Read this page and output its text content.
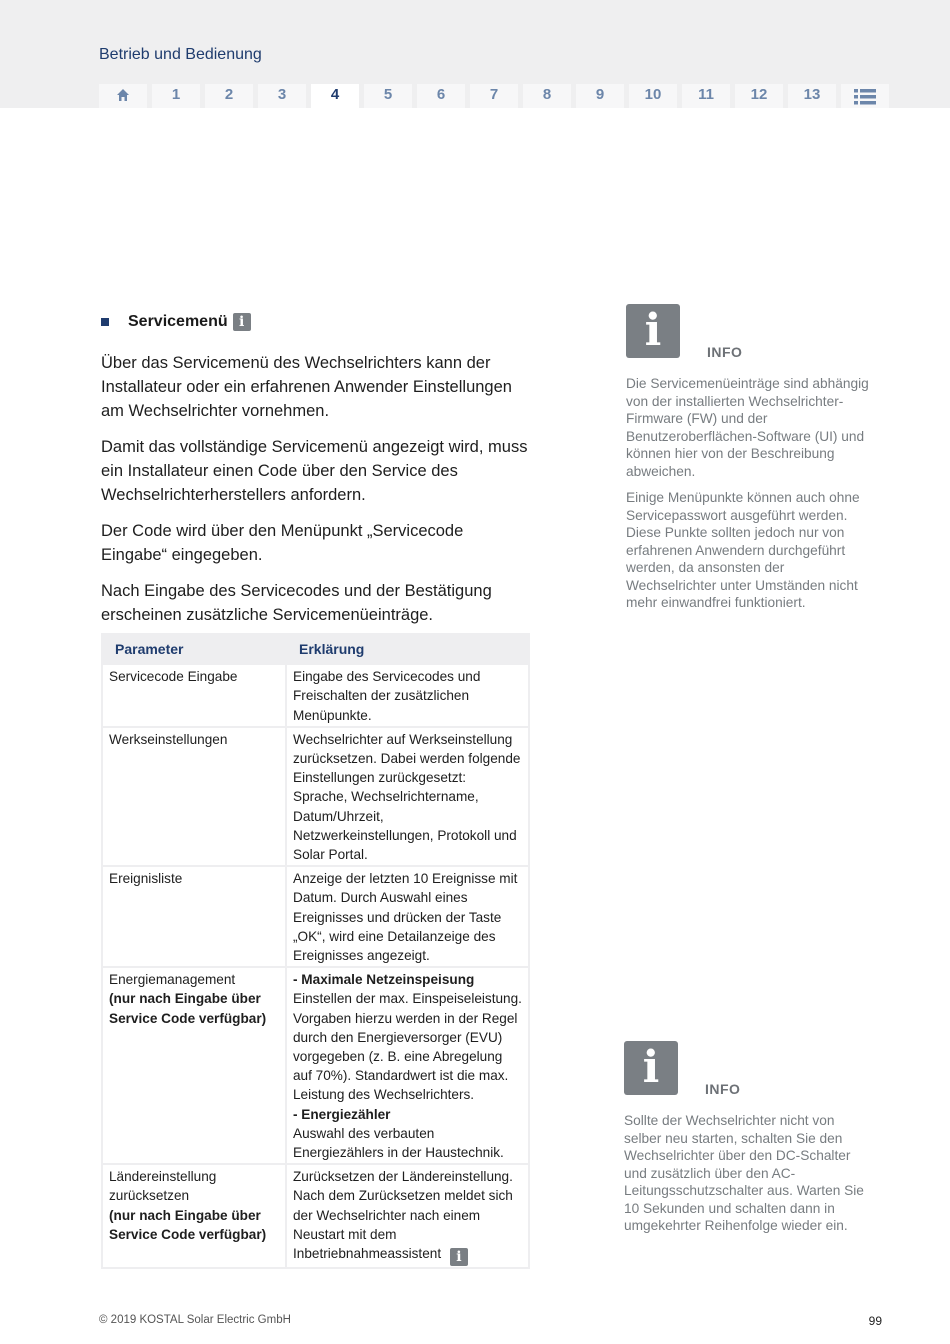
Betrieb und Bedienung
1	2	3	4	5	6	7	8	9	10	11	12	13
Servicemenü i

Über das Servicemenü des Wechselrichters kann der Installateur oder ein erfahrenen Anwender Einstellungen am Wechselrichter vornehmen.

Damit das vollständige Servicemenü angezeigt wird, muss ein Installateur einen Code über den Service des Wechselrichterherstellers anfordern.

Der Code wird über den Menüpunkt „Servicecode Eingabe“ eingegeben.

Nach Eingabe des Servicecodes und der Bestätigung erscheinen zusätzliche Servicemenüeinträge.

Parameter	Erklärung
Servicecode Eingabe	Eingabe des Servicecodes und Freischalten der zusätzlichen Menüpunkte.
Werkseinstellungen	Wechselrichter auf Werkseinstellung zurücksetzen. Dabei werden folgende Einstellungen zurückgesetzt: Sprache, Wechselrichtername, Datum/Uhrzeit, Netzwerkeinstellungen, Protokoll und Solar Portal.
Ereignisliste	Anzeige der letzten 10 Ereignisse mit Datum. Durch Auswahl eines Ereignisses und drücken der Taste „OK“, wird eine Detailanzeige des Ereignisses angezeigt.
Energiemanagement
(nur nach Eingabe über Service Code verfügbar)	- Maximale Netzeinspeisung
Einstellen der max. Einspeiseleistung. Vorgaben hierzu werden in der Regel durch den Energieversorger (EVU) vorgegeben (z. B. eine Abregelung auf 70%). Standardwert ist die max. Leistung des Wechselrichters.
- Energiezähler
Auswahl des verbauten Energiezählers in der Haustechnik.
Ländereinstellung zurücksetzen
(nur nach Eingabe über Service Code verfügbar)	Zurücksetzen der Ländereinstellung. Nach dem Zurücksetzen meldet sich der Wechselrichter nach einem Neustart mit dem Inbetriebnahmeassistent i
i	INFO

Die Servicemenüeinträge sind abhängig von der installierten Wechselrichter-Firmware (FW) und der Benutzeroberflächen-Software (UI) und können hier von der Beschreibung abweichen.

Einige Menüpunkte können auch ohne Servicepasswort ausgeführt werden. Diese Punkte sollten jedoch nur von erfahrenen Anwendern durchgeführt werden, da ansonsten der Wechselrichter unter Umständen nicht mehr einwandfrei funktioniert.

i	INFO

Sollte der Wechselrichter nicht von selber neu starten, schalten Sie den Wechselrichter über den DC-Schalter und zusätzlich über den AC-Leitungsschutzschalter aus. Warten Sie 10 Sekunden und schalten dann in umgekehrter Reihenfolge wieder ein.

© 2019 KOSTAL Solar Electric GmbH	99
